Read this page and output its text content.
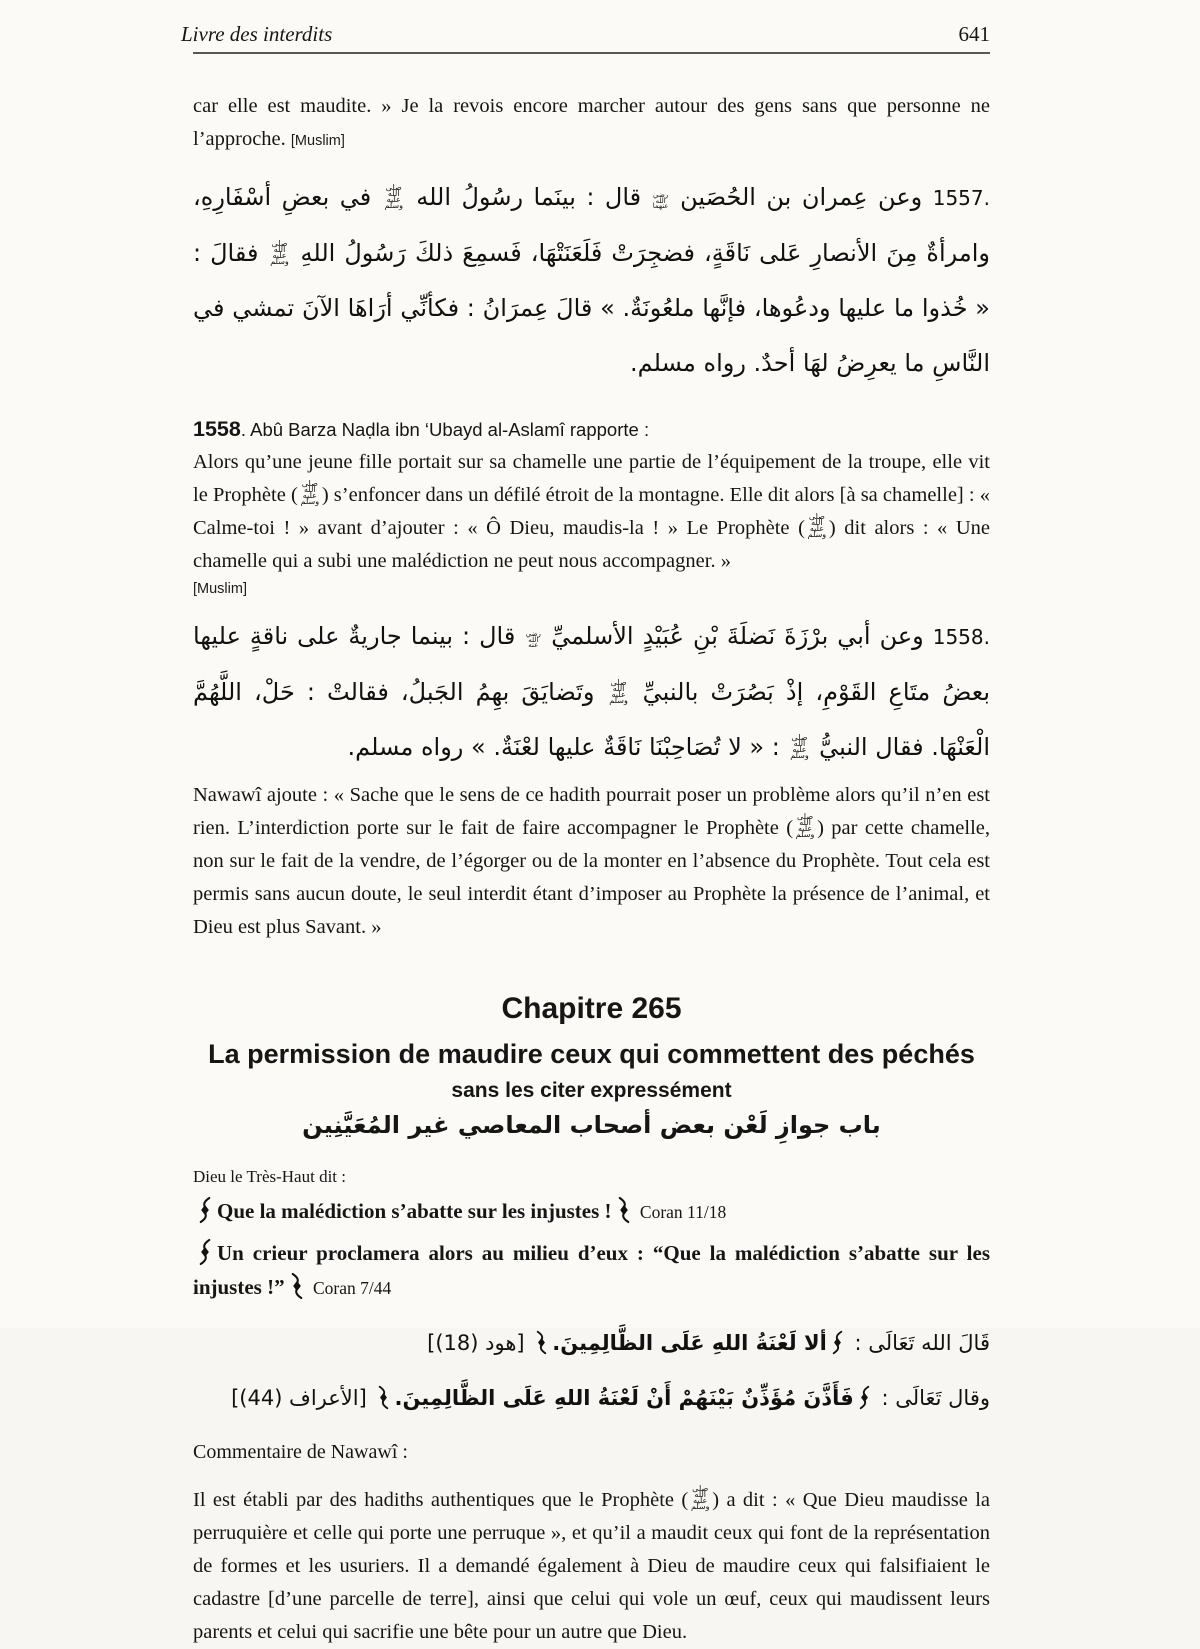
Livre des interdits	641

car elle est maudite. » Je la revois encore marcher autour des gens sans que personne ne l’approche. [Muslim]

1557. وعن عِمران بن الحُصَين رضي الله عنهما قال : بينَما رسُولُ الله صلى الله عليه وسلم في بعضِ أسْفَارِهِ، وامرأةٌ مِنَ الأنصارِ عَلى نَاقَةٍ، فضجِرَتْ فَلَعَنَتْهَا، فَسمِعَ ذلكَ رَسُولُ اللهِ صلى الله عليه وسلم فقالَ : « خُذوا ما عليها ودعُوها، فإنَّها ملعُونَةٌ. » قالَ عِمرَانُ : فكأنِّي أرَاهَا الآنَ تمشي في النَّاسِ ما يعرِضُ لهَا أحدٌ. رواه مسلم.

1558. Abû Barza Naḍla ibn ‘Ubayd al-Aslamî rapporte :

Alors qu’une jeune fille portait sur sa chamelle une partie de l’équipement de la troupe, elle vit le Prophète (صلى الله عليه وسلم ) s’enfoncer dans un défilé étroit de la montagne. Elle dit alors [à sa chamelle] : « Calme-toi ! » avant d’ajouter : « Ô Dieu, maudis-la ! » Le Prophète (صلى الله عليه وسلم ) dit alors : « Une chamelle qui a subi une malédiction ne peut nous accompagner. »

[Muslim]

1558. وعن أبي برْزَةَ نَضلَةَ بْنِ عُبَيْدٍ الأسلميِّ رضي الله عنه قال : بينما جاريةٌ على ناقةٍ عليها بعضُ متَاعِ القَوْمِ، إذْ بَصُرَتْ بالنبيِّ صلى الله عليه وسلم وتَضايَقَ بهِمُ الجَبلُ، فقالتْ : حَلْ، اللَّهُمَّ الْعَنْهَا. فقال النبيُّ صلى الله عليه وسلم : « لا تُصَاحِبْنَا نَاقَةٌ عليها لعْنَةٌ. » رواه مسلم.

Nawawî ajoute : « Sache que le sens de ce hadith pourrait poser un problème alors qu’il n’en est rien. L’interdiction porte sur le fait de faire accompagner le Prophète (صلى الله عليه وسلم ) par cette chamelle, non sur le fait de la vendre, de l’égorger ou de la monter en l’absence du Prophète. Tout cela est permis sans aucun doute, le seul interdit étant d’imposer au Prophète la présence de l’animal, et Dieu est plus Savant. »

Chapitre 265
La permission de maudire ceux qui commettent des péchés
sans les citer expressément
باب جوازِ لَعْن بعض أصحاب المعاصي غير المُعَيَّنِين

Dieu le Très-Haut dit :

Que la malédiction s’abatte sur les injustes ! Coran 11/18

Un crieur proclamera alors au milieu d’eux : “Que la malédiction s’abatte sur les injustes !” Coran 7/44

قَالَ الله تَعَالَى : ألا لَعْنَةُ اللهِ عَلَى الظَّالِمِينَ. [هود (18)]

وقال تَعَالَى : فَأَذَّنَ مُؤَذِّنٌ بَيْنَهُمْ أَنْ لَعْنَةُ اللهِ عَلَى الظَّالِمِينَ. [الأعراف (44)]

Commentaire de Nawawî :

Il est établi par des hadiths authentiques que le Prophète (صلى الله عليه وسلم ) a dit : « Que Dieu maudisse la perruquière et celle qui porte une perruque », et qu’il a maudit ceux qui font de la représentation de formes et les usuriers. Il a demandé également à Dieu de maudire ceux qui falsifiaient le cadastre [d’une parcelle de terre], ainsi que celui qui vole un œuf, ceux qui maudissent leurs parents et celui qui sacrifie une bête pour un autre que Dieu.
